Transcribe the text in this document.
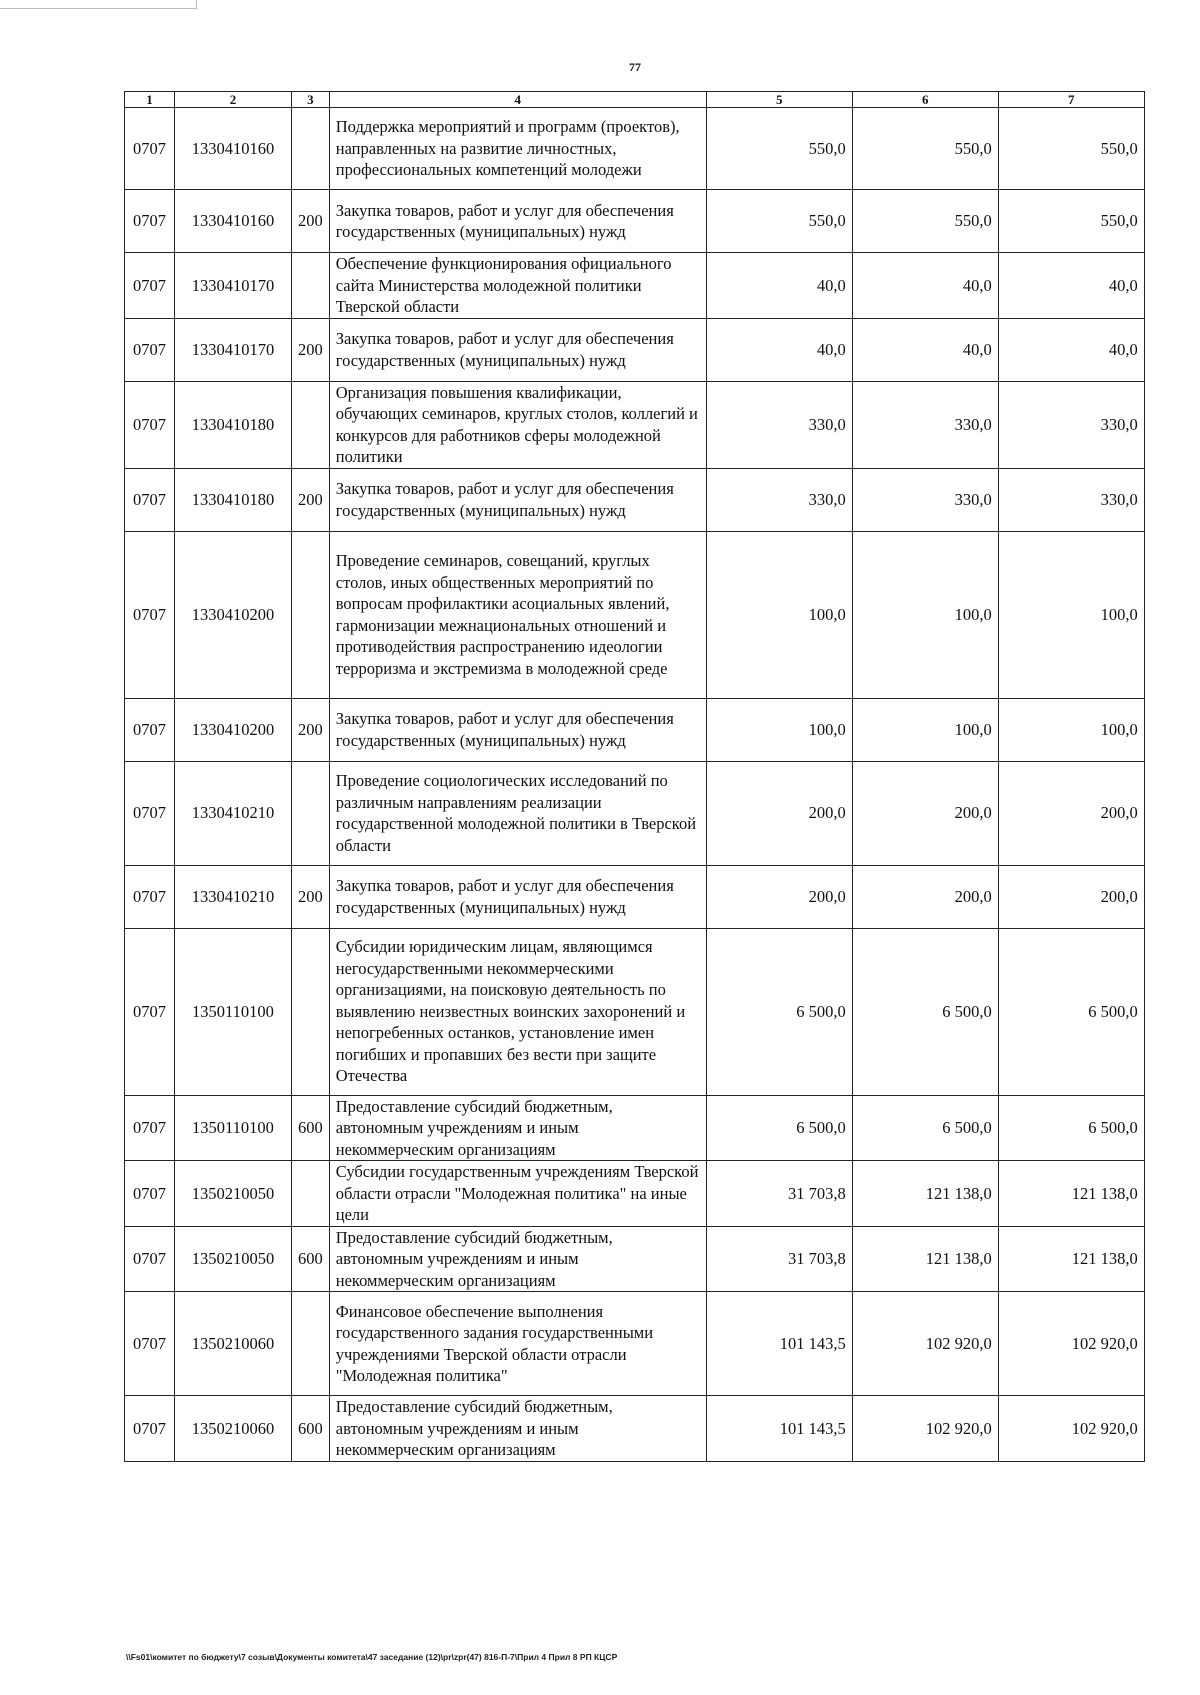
77
1	2	3	4	5	6	7
0707	1330410160		Поддержка мероприятий и программ (проектов), направленных на развитие личностных, профессиональных компетенций молодежи	550,0	550,0	550,0
0707	1330410160	200	Закупка товаров, работ и услуг для обеспечения государственных (муниципальных) нужд	550,0	550,0	550,0
0707	1330410170		Обеспечение функционирования официального сайта Министерства молодежной политики Тверской области	40,0	40,0	40,0
0707	1330410170	200	Закупка товаров, работ и услуг для обеспечения государственных (муниципальных) нужд	40,0	40,0	40,0
0707	1330410180		Организация повышения квалификации, обучающих семинаров, круглых столов, коллегий и конкурсов для работников сферы молодежной политики	330,0	330,0	330,0
0707	1330410180	200	Закупка товаров, работ и услуг для обеспечения государственных (муниципальных) нужд	330,0	330,0	330,0
0707	1330410200		Проведение семинаров, совещаний, круглых столов, иных общественных мероприятий по вопросам профилактики асоциальных явлений, гармонизации межнациональных отношений и противодействия распространению идеологии терроризма и экстремизма в молодежной среде	100,0	100,0	100,0
0707	1330410200	200	Закупка товаров, работ и услуг для обеспечения государственных (муниципальных) нужд	100,0	100,0	100,0
0707	1330410210		Проведение социологических исследований по различным направлениям реализации государственной молодежной политики в Тверской области	200,0	200,0	200,0
0707	1330410210	200	Закупка товаров, работ и услуг для обеспечения государственных (муниципальных) нужд	200,0	200,0	200,0
0707	1350110100		Субсидии юридическим лицам, являющимся негосударственными некоммерческими организациями, на поисковую деятельность по выявлению неизвестных воинских захоронений и непогребенных останков, установление имен погибших и пропавших без вести при защите Отечества	6 500,0	6 500,0	6 500,0
0707	1350110100	600	Предоставление субсидий бюджетным, автономным учреждениям и иным некоммерческим организациям	6 500,0	6 500,0	6 500,0
0707	1350210050		Субсидии государственным учреждениям Тверской области отрасли "Молодежная политика" на иные цели	31 703,8	121 138,0	121 138,0
0707	1350210050	600	Предоставление субсидий бюджетным, автономным учреждениям и иным некоммерческим организациям	31 703,8	121 138,0	121 138,0
0707	1350210060		Финансовое обеспечение выполнения государственного задания государственными учреждениями Тверской области отрасли "Молодежная политика"	101 143,5	102 920,0	102 920,0
0707	1350210060	600	Предоставление субсидий бюджетным, автономным учреждениям и иным некоммерческим организациям	101 143,5	102 920,0	102 920,0
\\Fs01\комитет по бюджету\7 созыв\Документы комитета\47 заседание (12)\pr\zpr(47) 816-П-7\Прил 4 Прил 8 РП КЦСР
